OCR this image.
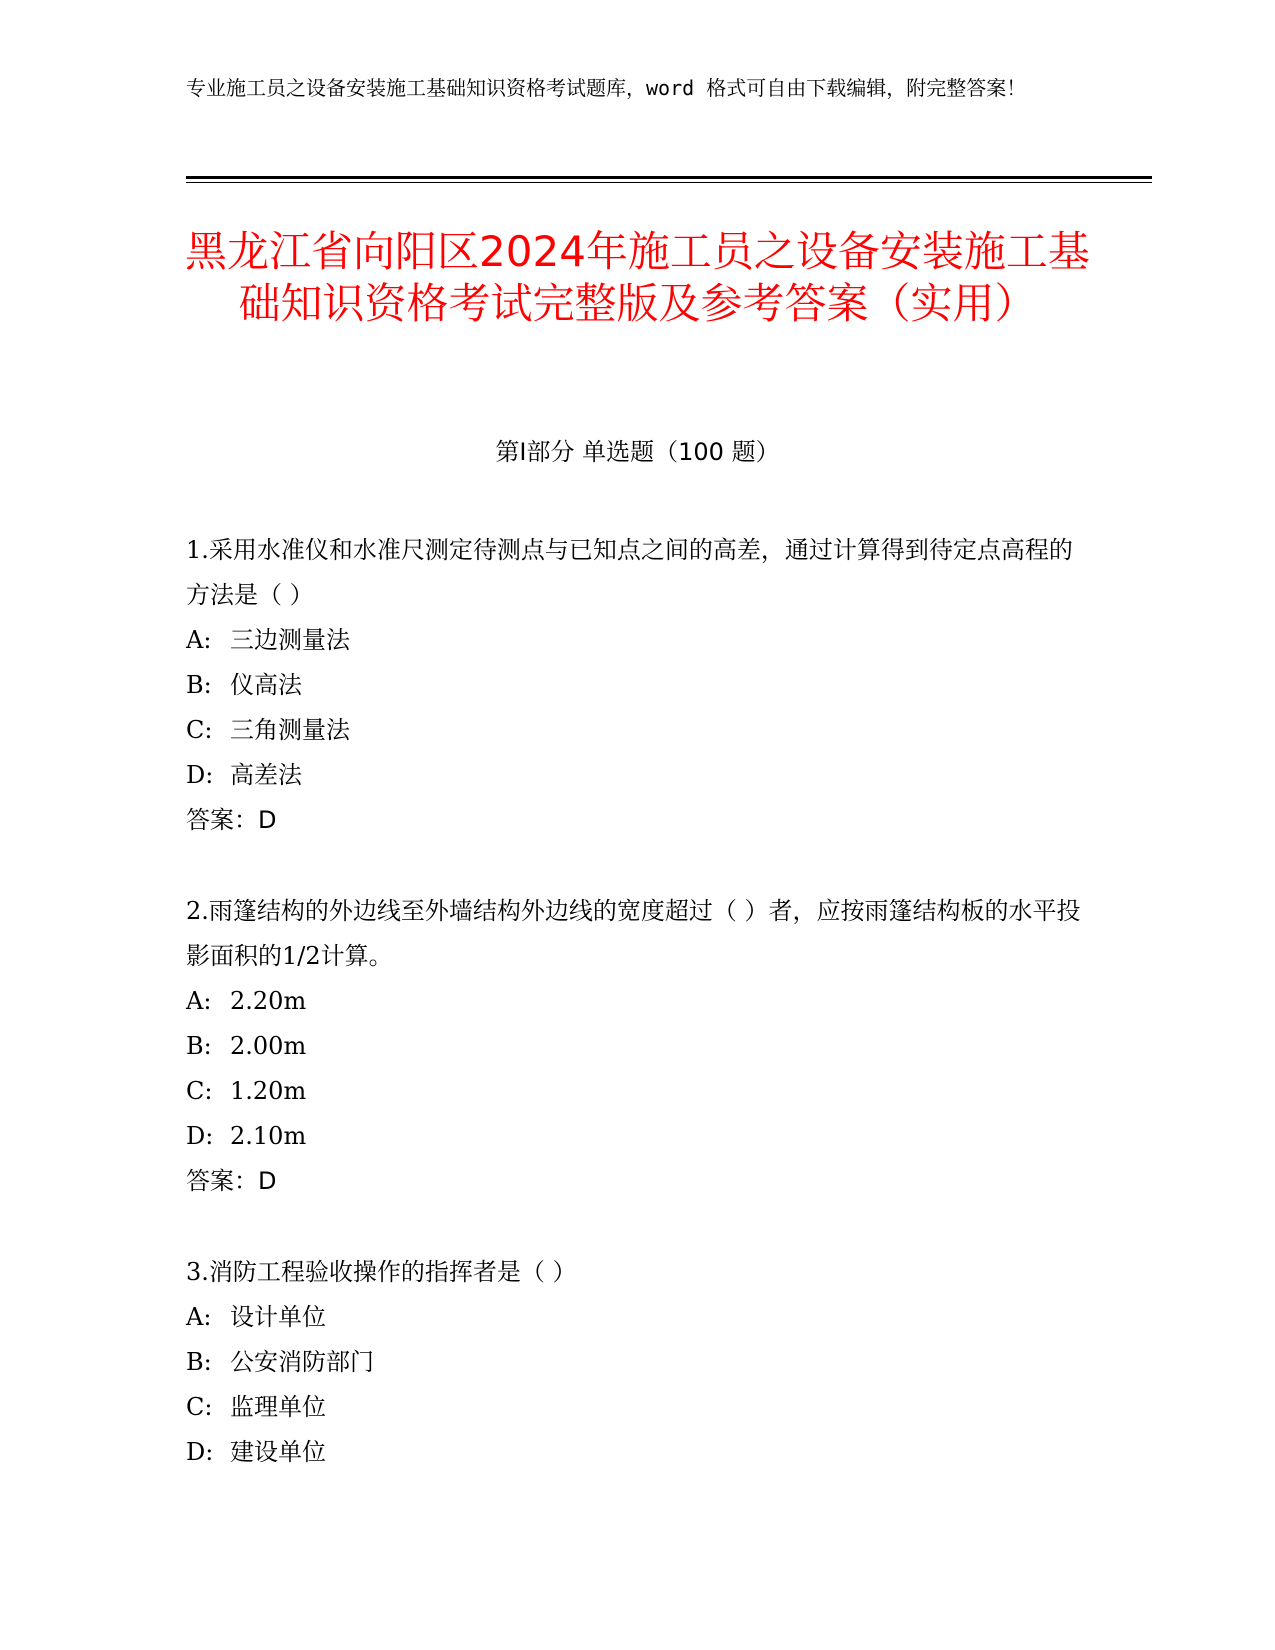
专业施工员之设备安装施工基础知识资格考试题库，word 格式可自由下载编辑，附完整答案！
黑龙江省向阳区2024年施工员之设备安装施工基础知识资格考试完整版及参考答案（实用）
第Ⅰ部分 单选题（100 题）

1.采用水准仪和水准尺测定待测点与已知点之间的高差，通过计算得到待定点高程的方法是（ ）

A: 三边测量法

B: 仪高法

C: 三角测量法

D: 高差法

答案：D

2.雨篷结构的外边线至外墙结构外边线的宽度超过（ ）者，应按雨篷结构板的水平投影面积的1/2计算。

A: 2.20m

B: 2.00m

C: 1.20m

D: 2.10m

答案：D

3.消防工程验收操作的指挥者是（ ）

A: 设计单位

B: 公安消防部门

C: 监理单位

D: 建设单位
